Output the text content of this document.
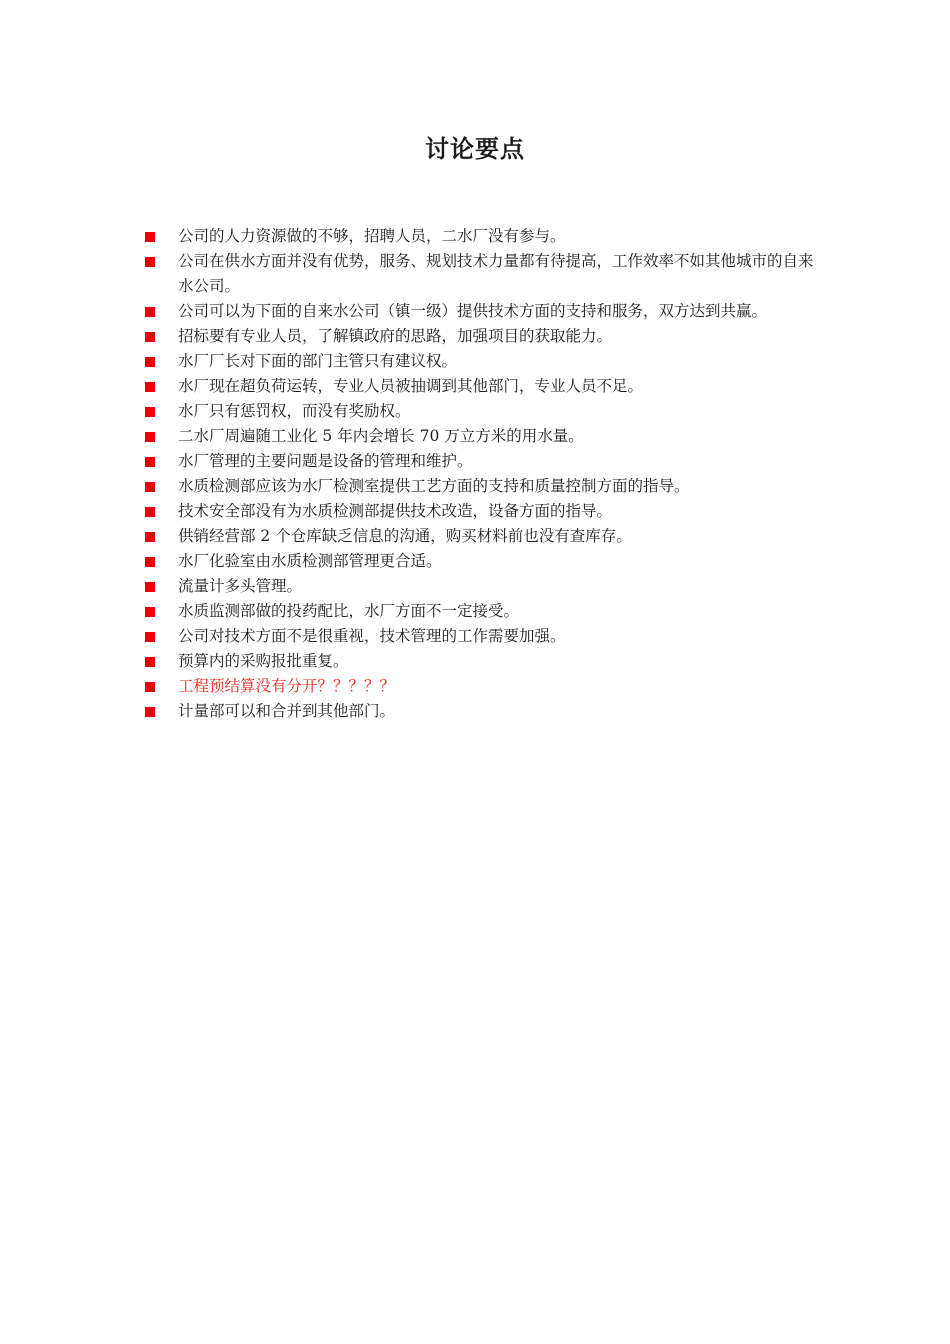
讨论要点
公司的人力资源做的不够，招聘人员，二水厂没有参与。
公司在供水方面并没有优势，服务、规划技术力量都有待提高，工作效率不如其他城市的自来水公司。
公司可以为下面的自来水公司（镇一级）提供技术方面的支持和服务，双方达到共赢。
招标要有专业人员，了解镇政府的思路，加强项目的获取能力。
水厂厂长对下面的部门主管只有建议权。
水厂现在超负荷运转，专业人员被抽调到其他部门，专业人员不足。
水厂只有惩罚权，而没有奖励权。
二水厂周遍随工业化 5 年内会增长 70 万立方米的用水量。
水厂管理的主要问题是设备的管理和维护。
水质检测部应该为水厂检测室提供工艺方面的支持和质量控制方面的指导。
技术安全部没有为水质检测部提供技术改造，设备方面的指导。
供销经营部 2 个仓库缺乏信息的沟通，购买材料前也没有查库存。
水厂化验室由水质检测部管理更合适。
流量计多头管理。
水质监测部做的投药配比，水厂方面不一定接受。
公司对技术方面不是很重视，技术管理的工作需要加强。
预算内的采购报批重复。
工程预结算没有分开？？？？？
计量部可以和合并到其他部门。
